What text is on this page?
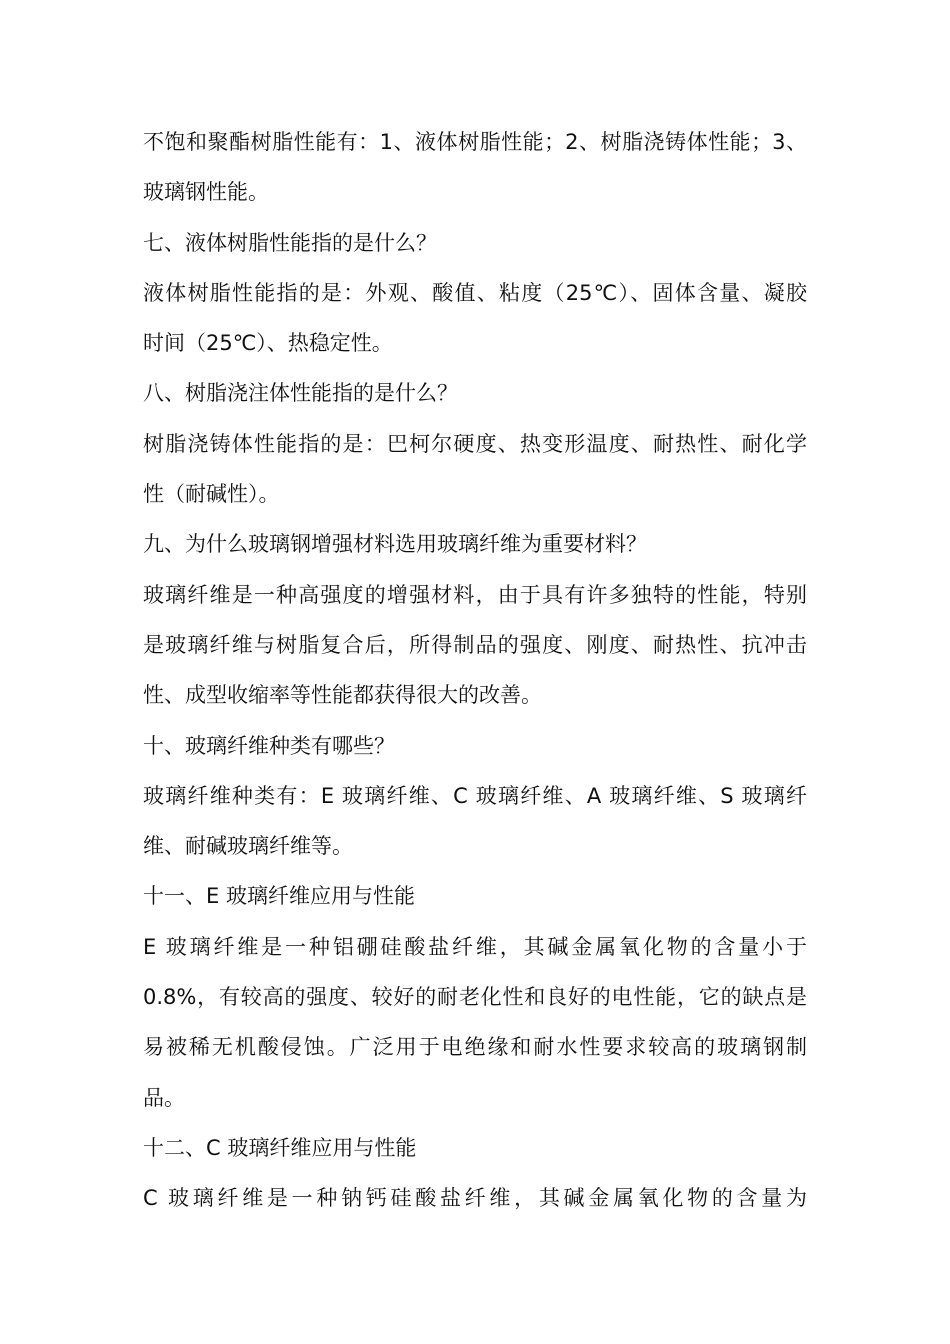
不饱和聚酯树脂性能有：1、液体树脂性能；2、树脂浇铸体性能；3、
玻璃钢性能。
七、液体树脂性能指的是什么？
液体树脂性能指的是：外观、酸值、粘度（25℃）、固体含量、凝胶
时间（25℃）、热稳定性。
八、树脂浇注体性能指的是什么？
树脂浇铸体性能指的是：巴柯尔硬度、热变形温度、耐热性、耐化学
性（耐碱性）。
九、为什么玻璃钢增强材料选用玻璃纤维为重要材料？
玻璃纤维是一种高强度的增强材料，由于具有许多独特的性能，特别
是玻璃纤维与树脂复合后，所得制品的强度、刚度、耐热性、抗冲击
性、成型收缩率等性能都获得很大的改善。
十、玻璃纤维种类有哪些？
玻璃纤维种类有：E 玻璃纤维、C 玻璃纤维、A 玻璃纤维、S 玻璃纤
维、耐碱玻璃纤维等。
十一、E 玻璃纤维应用与性能
E 玻璃纤维是一种铝硼硅酸盐纤维，其碱金属氧化物的含量小于
0.8%，有较高的强度、较好的耐老化性和良好的电性能，它的缺点是
易被稀无机酸侵蚀。广泛用于电绝缘和耐水性要求较高的玻璃钢制
品。
十二、C 玻璃纤维应用与性能
C 玻璃纤维是一种钠钙硅酸盐纤维，其碱金属氧化物的含量为
